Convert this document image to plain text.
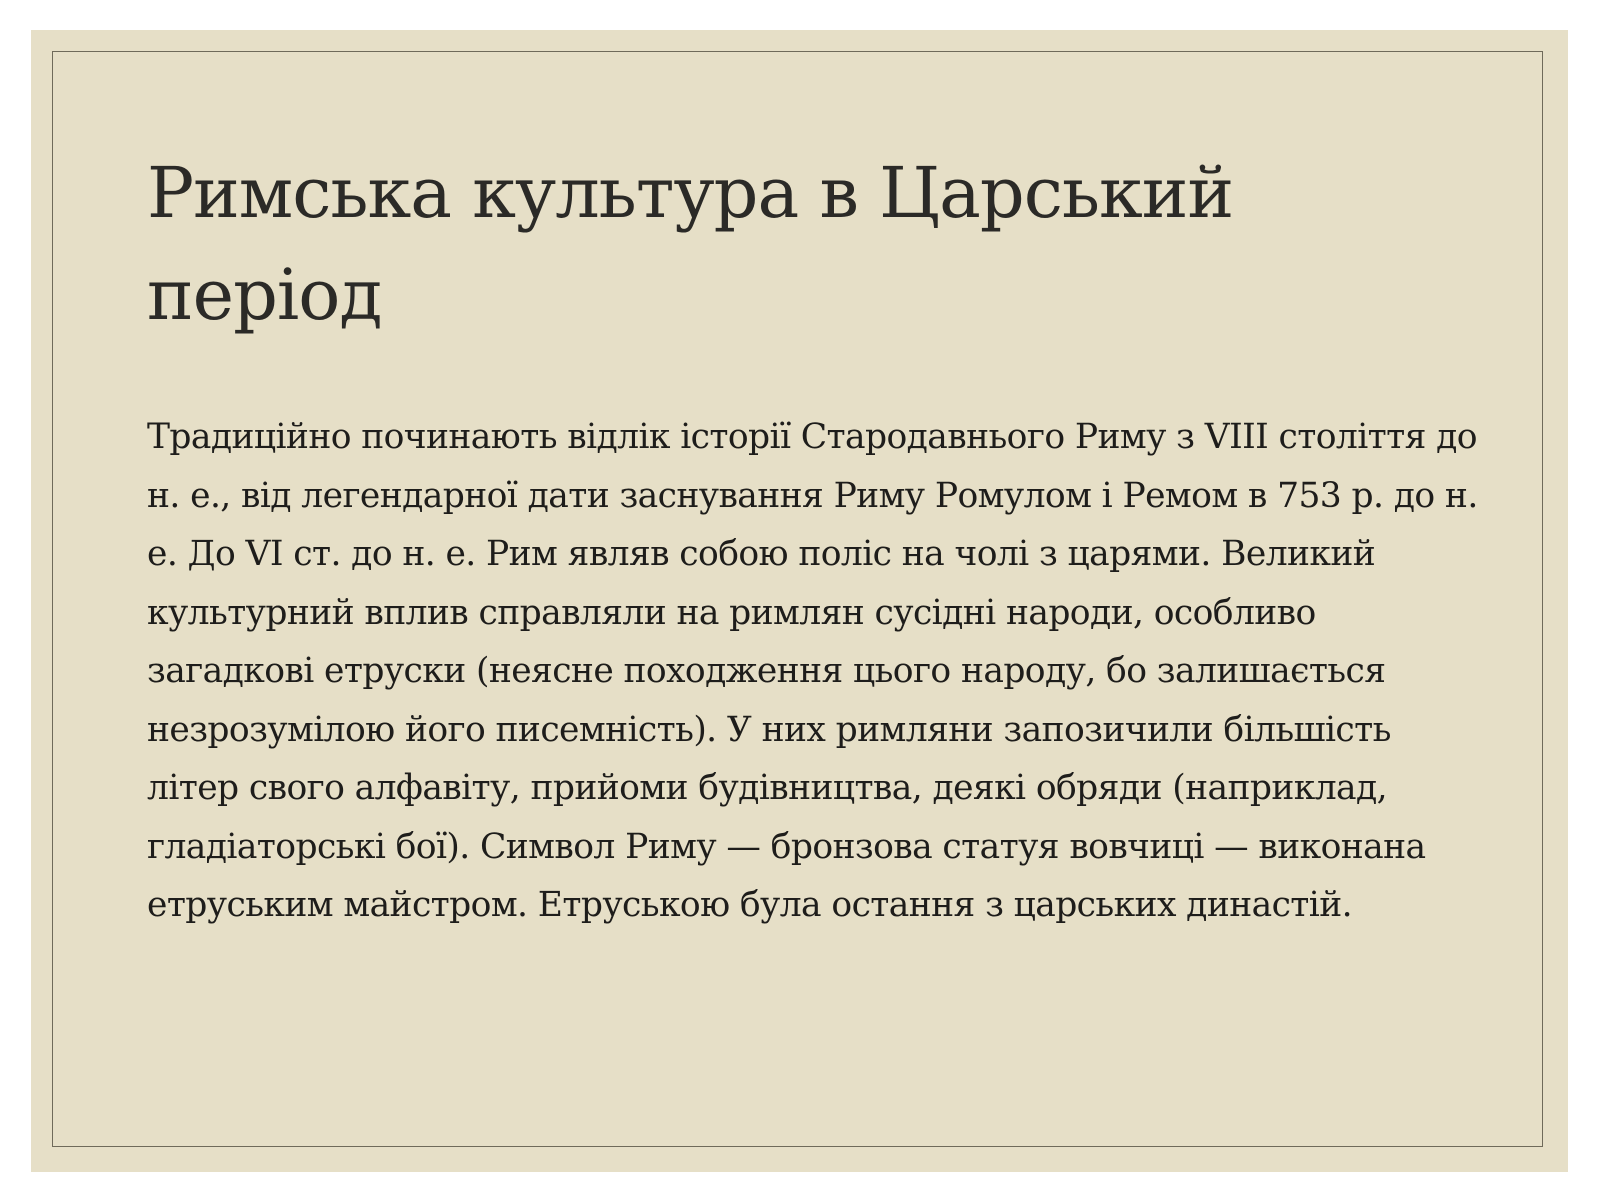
Римська культура в Царський період

Традиційно починають відлік історії Стародавнього Риму з VIII століття до н. е., від легендарної дати заснування Риму Ромулом і Ремом в 753 р. до н. е. До VI ст. до н. е. Рим являв собою поліс на чолі з царями. Великий культурний вплив справляли на римлян сусідні народи, особливо загадкові етруски (неясне походження цього народу, бо залишається незрозумілою його писемність). У них римляни запозичили більшість літер свого алфавіту, прийоми будівництва, деякі обряди (наприклад, гладіаторські бої). Символ Риму — бронзова статуя вовчиці — виконана етруським майстром. Етруською була остання з царських династій.
